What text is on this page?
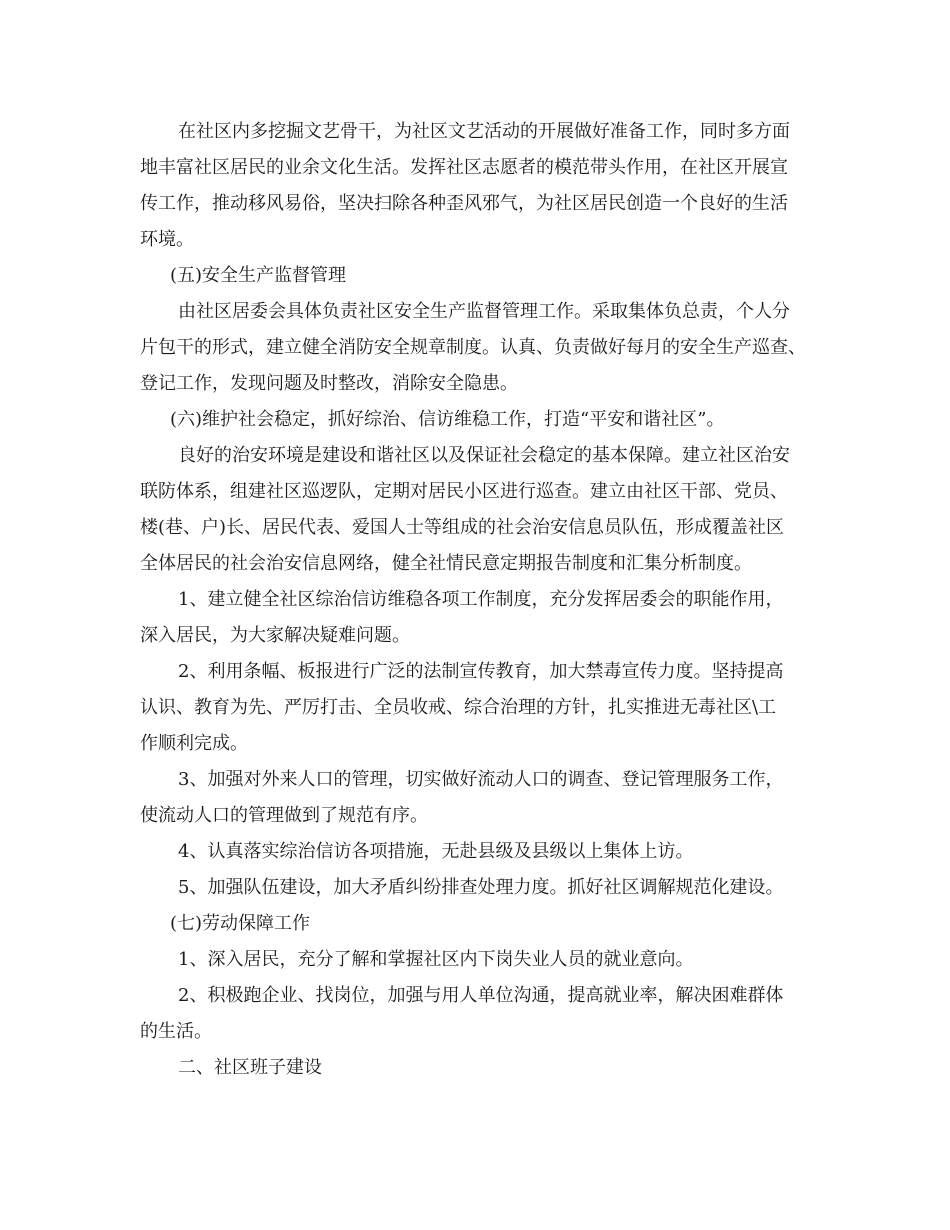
在社区内多挖掘文艺骨干，为社区文艺活动的开展做好准备工作，同时多方面

地丰富社区居民的业余文化生活。发挥社区志愿者的模范带头作用，在社区开展宣

传工作，推动移风易俗，坚决扫除各种歪风邪气，为社区居民创造一个良好的生活

环境。

(五)安全生产监督管理

由社区居委会具体负责社区安全生产监督管理工作。采取集体负总责，个人分

片包干的形式，建立健全消防安全规章制度。认真、负责做好每月的安全生产巡查、

登记工作，发现问题及时整改，消除安全隐患。

(六)维护社会稳定，抓好综治、信访维稳工作，打造“平安和谐社区”。

良好的治安环境是建设和谐社区以及保证社会稳定的基本保障。建立社区治安

联防体系，组建社区巡逻队，定期对居民小区进行巡查。建立由社区干部、党员、

楼(巷、户)长、居民代表、爱国人士等组成的社会治安信息员队伍，形成覆盖社区

全体居民的社会治安信息网络，健全社情民意定期报告制度和汇集分析制度。

1、建立健全社区综治信访维稳各项工作制度，充分发挥居委会的职能作用，

深入居民，为大家解决疑难问题。

2、利用条幅、板报进行广泛的法制宣传教育，加大禁毒宣传力度。坚持提高

认识、教育为先、严厉打击、全员收戒、综合治理的方针，扎实推进无毒社区\工

作顺利完成。

3、加强对外来人口的管理，切实做好流动人口的调查、登记管理服务工作，

使流动人口的管理做到了规范有序。

4、认真落实综治信访各项措施，无赴县级及县级以上集体上访。

5、加强队伍建设，加大矛盾纠纷排查处理力度。抓好社区调解规范化建设。

(七)劳动保障工作

1、深入居民，充分了解和掌握社区内下岗失业人员的就业意向。

2、积极跑企业、找岗位，加强与用人单位沟通，提高就业率，解决困难群体

的生活。

二、社区班子建设
